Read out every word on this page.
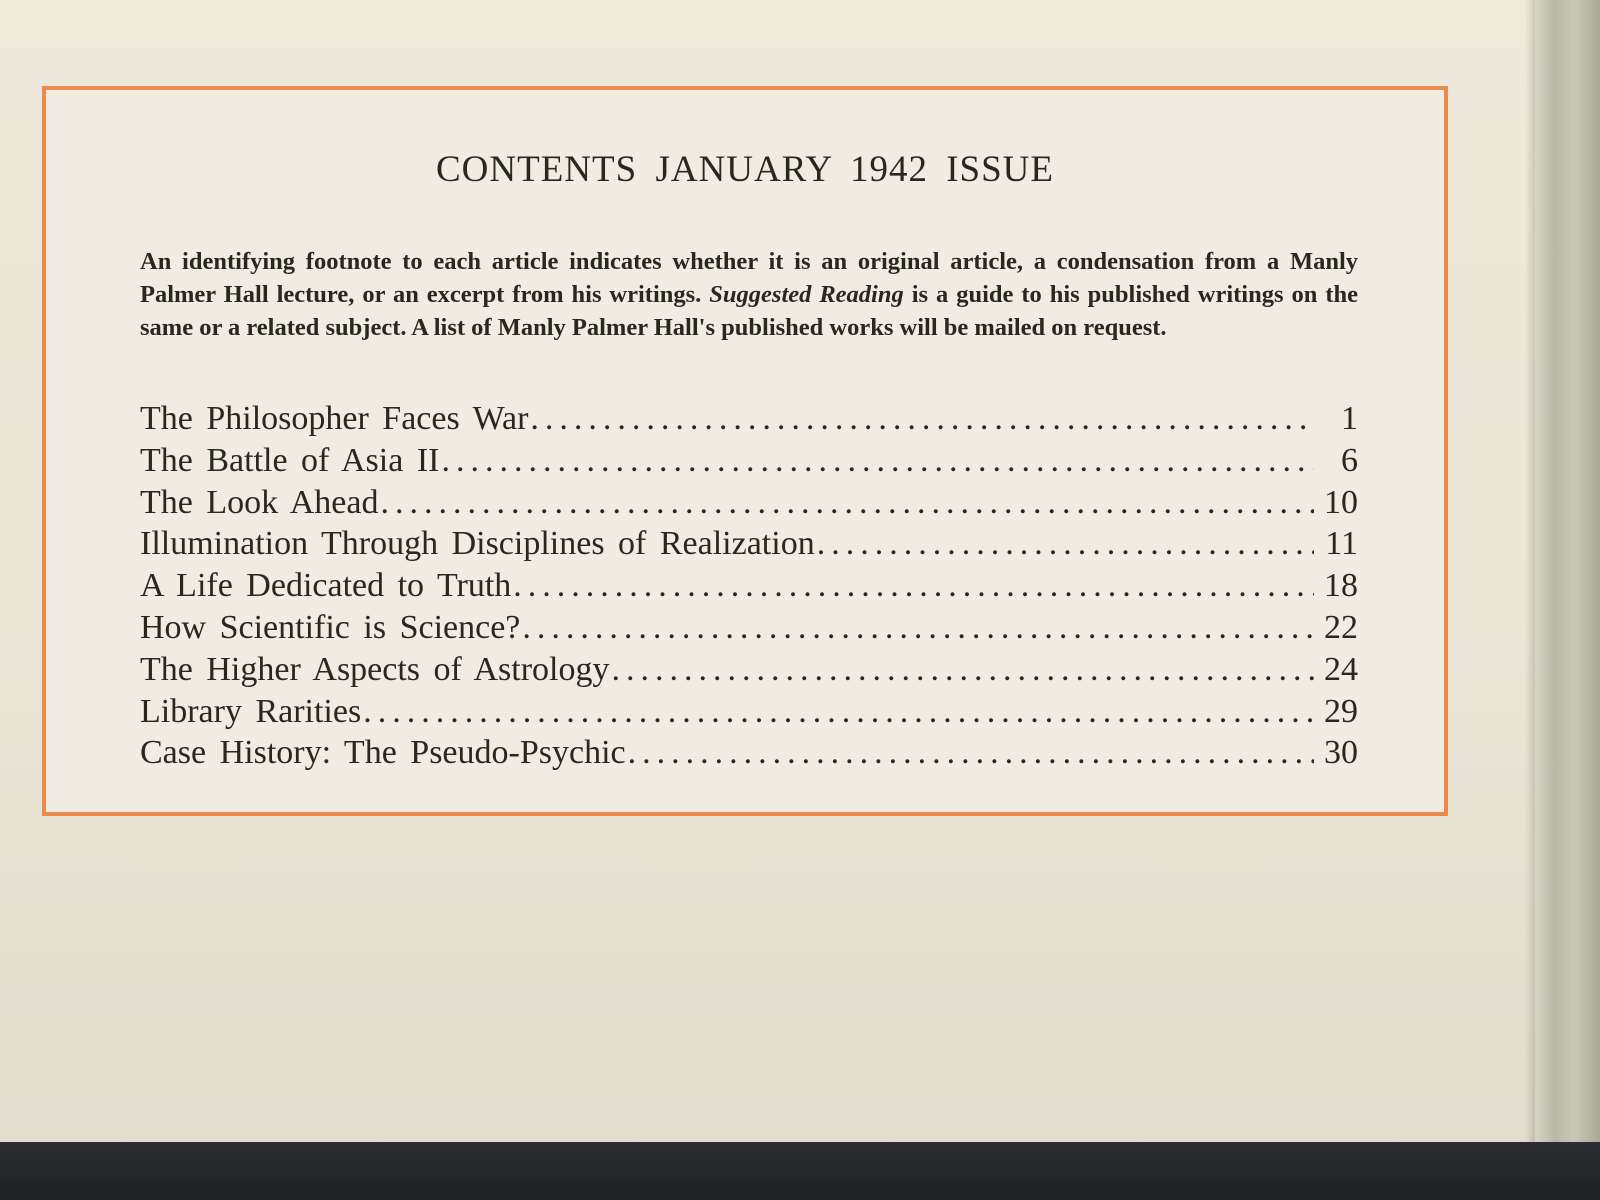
CONTENTS JANUARY 1942 ISSUE
An identifying footnote to each article indicates whether it is an original article, a condensation from a Manly Palmer Hall lecture, or an excerpt from his writings. Suggested Reading is a guide to his published writings on the same or a related subject. A list of Manly Palmer Hall's published works will be mailed on request.
The Philosopher Faces War .....	1
The Battle of Asia II .....	6
The Look Ahead .....	10
Illumination Through Disciplines of Realization .....	11
A Life Dedicated to Truth .....	18
How Scientific is Science? .....	22
The Higher Aspects of Astrology .....	24
Library Rarities .....	29
Case History: The Pseudo-Psychic .....	30
